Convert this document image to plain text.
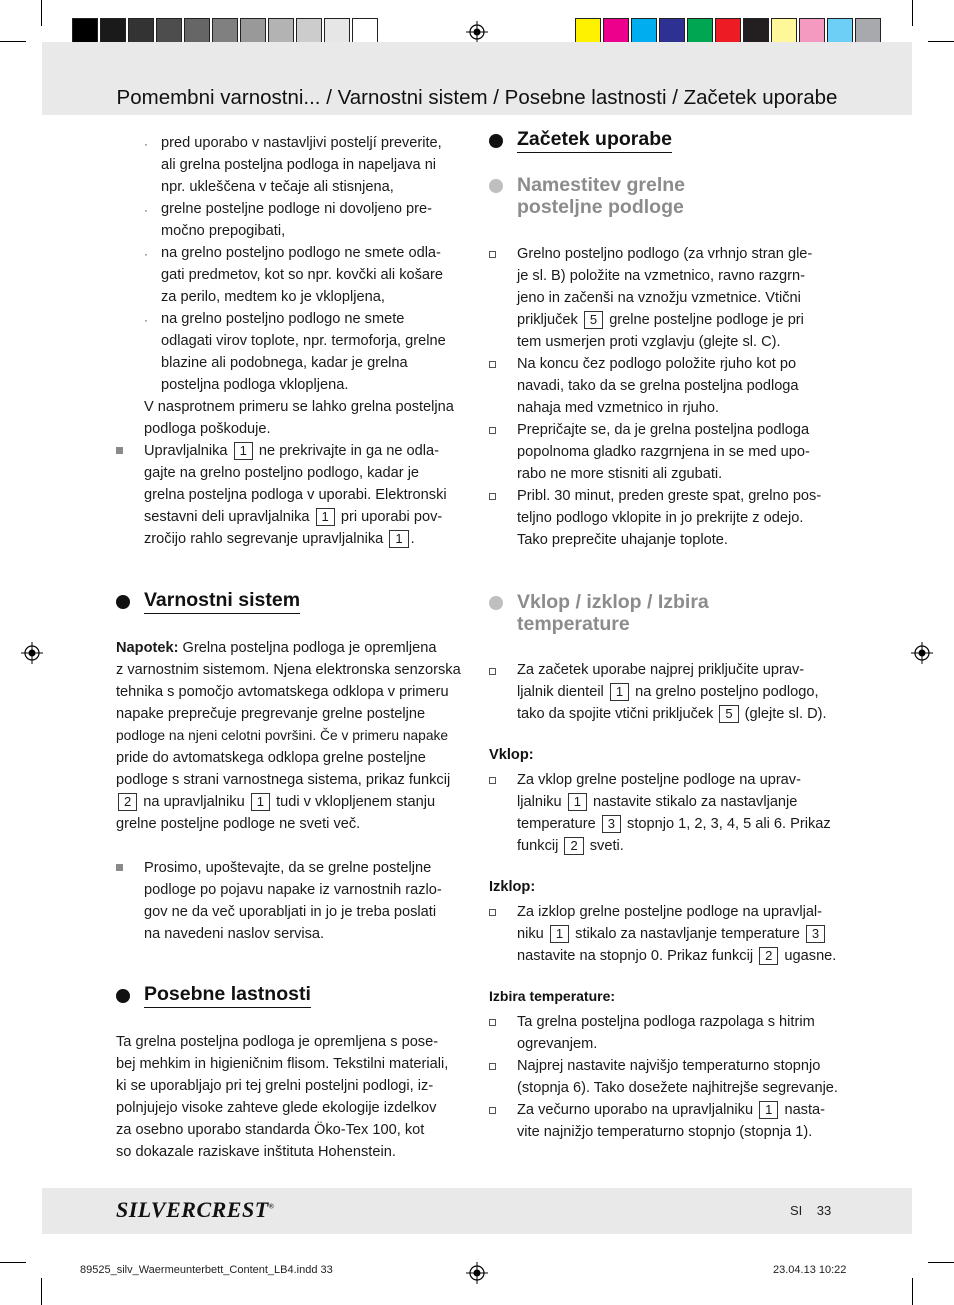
Pomembni varnostni... / Varnostni sistem / Posebne lastnosti / Začetek uporabe
· pred uporabo v nastavljivi posteljí preverite,
ali grelna posteljna podloga in napeljava ni
npr. ukleščena v tečaje ali stisnjena,
· grelne posteljne podloge ni dovoljeno pre-
močno prepogibati,
· na grelno posteljno podlogo ne smete odla-
gati predmetov, kot so npr. kovčki ali košare
za perilo, medtem ko je vklopljena,
· na grelno posteljno podlogo ne smete
odlagati virov toplote, npr. termoforja, grelne
blazine ali podobnega, kadar je grelna
posteljna podloga vklopljena.
V nasprotnem primeru se lahko grelna posteljna
podloga poškoduje.
Upravljalnika 1 ne prekrivajte in ga ne odla-
gajte na grelno posteljno podlogo, kadar je
grelna posteljna podloga v uporabi. Elektronski
sestavni deli upravljalnika 1 pri uporabi pov-
zročijo rahlo segrevanje upravljalnika 1 .
Varnostni sistem
Napotek: Grelna posteljna podloga je opremljena
z varnostnim sistemom. Njena elektronska senzorska
tehnika s pomočjo avtomatskega odklopa v primeru
napake preprečuje pregrevanje grelne posteljne
podloge na njeni celotni površini. Če v primeru napake
pride do avtomatskega odklopa grelne posteljne
podloge s strani varnostnega sistema, prikaz funkcij
2 na upravljalniku 1 tudi v vklopljenem stanju
grelne posteljne podloge ne sveti več.
Prosimo, upoštevajte, da se grelne posteljne
podloge po pojavu napake iz varnostnih razlo-
gov ne da več uporabljati in jo je treba poslati
na navedeni naslov servisa.
Posebne lastnosti
Ta grelna posteljna podloga je opremljena s pose-
bej mehkim in higieničnim flisom. Tekstilni materiali,
ki se uporabljajo pri tej grelni posteljni podlogi, iz-
polnjujejo visoke zahteve glede ekologije izdelkov
za osebno uporabo standarda Öko-Tex 100, kot
so dokazale raziskave inštituta Hohenstein.
Začetek uporabe
Namestitev grelne
posteljne podloge
Grelno posteljno podlogo (za vrhnjo stran gle-
je sl. B) položite na vzmetnico, ravno razgrn-
jeno in začenši na vznožju vzmetnice. Vtični
priključek 5 grelne posteljne podloge je pri
tem usmerjen proti vzglavju (glejte sl. C).
Na koncu čez podlogo položite rjuho kot po
navadi, tako da se grelna posteljna podloga
nahaja med vzmetnico in rjuho.
Prepričajte se, da je grelna posteljna podloga
popolnoma gladko razgrnjena in se med upo-
rabo ne more stisniti ali zgubati.
Pribl. 30 minut, preden greste spat, grelno pos-
teljno podlogo vklopite in jo prekrijte z odejo.
Tako preprečite uhajanje toplote.
Vklop / izklop / Izbira
temperature
Za začetek uporabe najprej priključite uprav-
ljalnik dienteil 1 na grelno posteljno podlogo,
tako da spojite vtični priključek 5 (glejte sl. D).
Vklop:
Za vklop grelne posteljne podloge na uprav-
ljalniku 1 nastavite stikalo za nastavljanje
temperature 3 stopnjo 1, 2, 3, 4, 5 ali 6. Prikaz
funkcij 2 sveti.
Izklop:
Za izklop grelne posteljne podloge na upravljal-
niku 1 stikalo za nastavljanje temperature 3
nastavite na stopnjo 0. Prikaz funkcij 2 ugasne.
Izbira temperature:
Ta grelna posteljna podloga razpolaga s hitrim
ogrevanjem.
Najprej nastavite najvišjo temperaturno stopnjo
(stopnja 6). Tako dosežete najhitrejše segrevanje.
Za večurno uporabo na upravljalniku 1 nasta-
vite najnižjo temperaturno stopnjo (stopnja 1).
SILVERCREST®	SI 33
89525_silv_Waermeunterbett_Content_LB4.indd 33	23.04.13 10:22
